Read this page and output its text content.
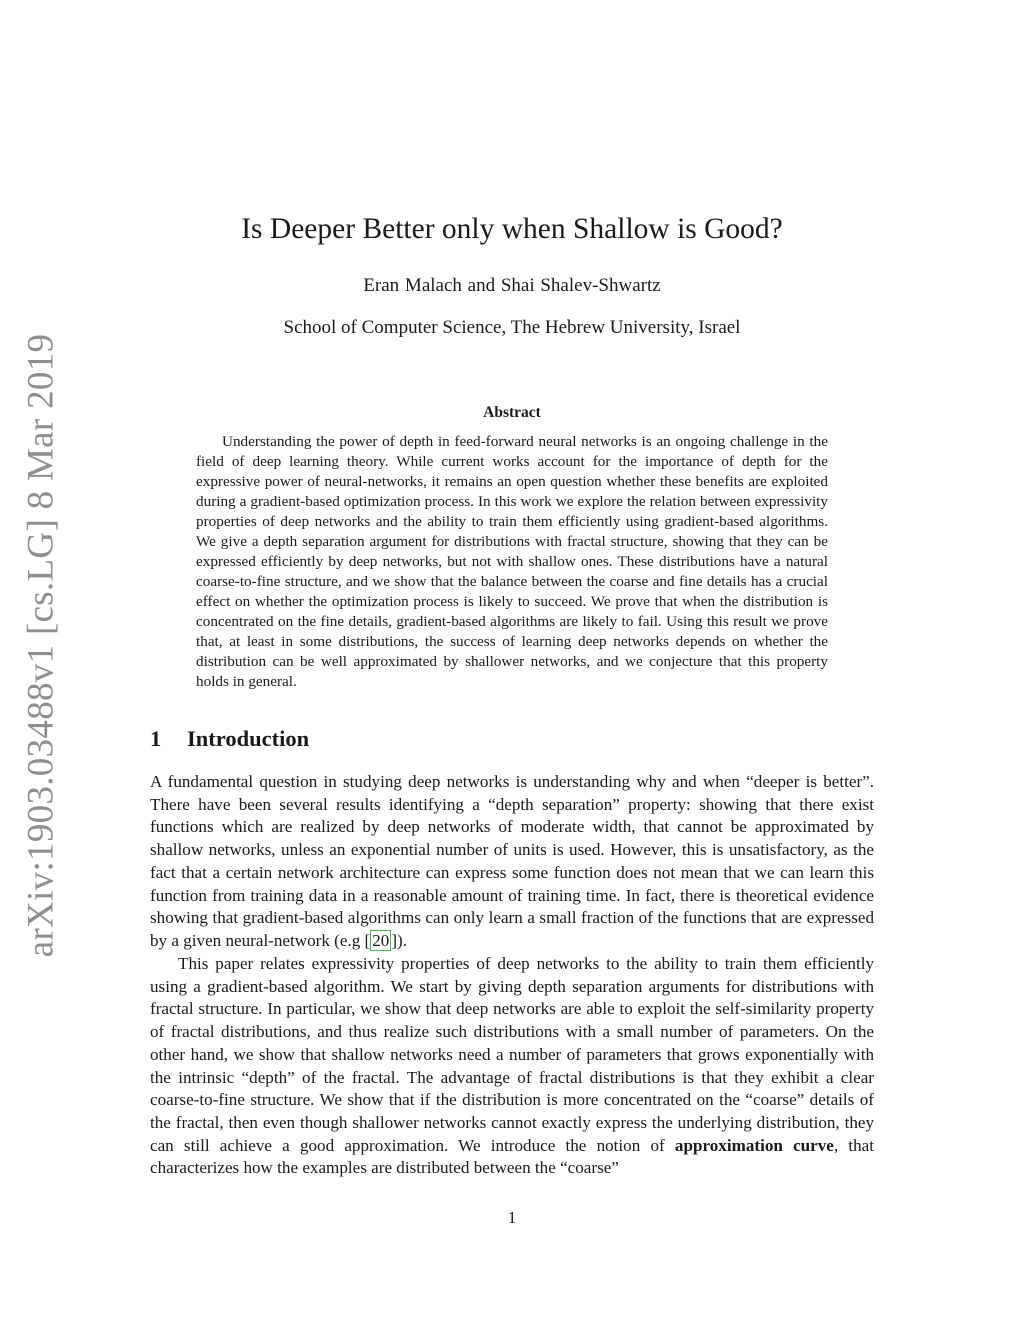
arXiv:1903.03488v1 [cs.LG] 8 Mar 2019
Is Deeper Better only when Shallow is Good?
Eran Malach and Shai Shalev-Shwartz
School of Computer Science, The Hebrew University, Israel
Abstract

Understanding the power of depth in feed-forward neural networks is an ongoing challenge in the field of deep learning theory. While current works account for the importance of depth for the expressive power of neural-networks, it remains an open question whether these benefits are exploited during a gradient-based optimization process. In this work we explore the relation between expressivity properties of deep networks and the ability to train them efficiently using gradient-based algorithms. We give a depth separation argument for distributions with fractal structure, showing that they can be expressed efficiently by deep networks, but not with shallow ones. These distributions have a natural coarse-to-fine structure, and we show that the balance between the coarse and fine details has a crucial effect on whether the optimization process is likely to succeed. We prove that when the distribution is concentrated on the fine details, gradient-based algorithms are likely to fail. Using this result we prove that, at least in some distributions, the success of learning deep networks depends on whether the distribution can be well approximated by shallower networks, and we conjecture that this property holds in general.

1 Introduction

A fundamental question in studying deep networks is understanding why and when “deeper is better”. There have been several results identifying a “depth separation” property: showing that there exist functions which are realized by deep networks of moderate width, that cannot be approximated by shallow networks, unless an exponential number of units is used. However, this is unsatisfactory, as the fact that a certain network architecture can express some function does not mean that we can learn this function from training data in a reasonable amount of training time. In fact, there is theoretical evidence showing that gradient-based algorithms can only learn a small fraction of the functions that are expressed by a given neural-network (e.g [ 20 ]).

This paper relates expressivity properties of deep networks to the ability to train them efficiently using a gradient-based algorithm. We start by giving depth separation arguments for distributions with fractal structure. In particular, we show that deep networks are able to exploit the self-similarity property of fractal distributions, and thus realize such distributions with a small number of parameters. On the other hand, we show that shallow networks need a number of parameters that grows exponentially with the intrinsic “depth” of the fractal. The advantage of fractal distributions is that they exhibit a clear coarse-to-fine structure. We show that if the distribution is more concentrated on the “coarse” details of the fractal, then even though shallower networks cannot exactly express the underlying distribution, they can still achieve a good approximation. We introduce the notion of approximation curve, that characterizes how the examples are distributed between the “coarse”

1
